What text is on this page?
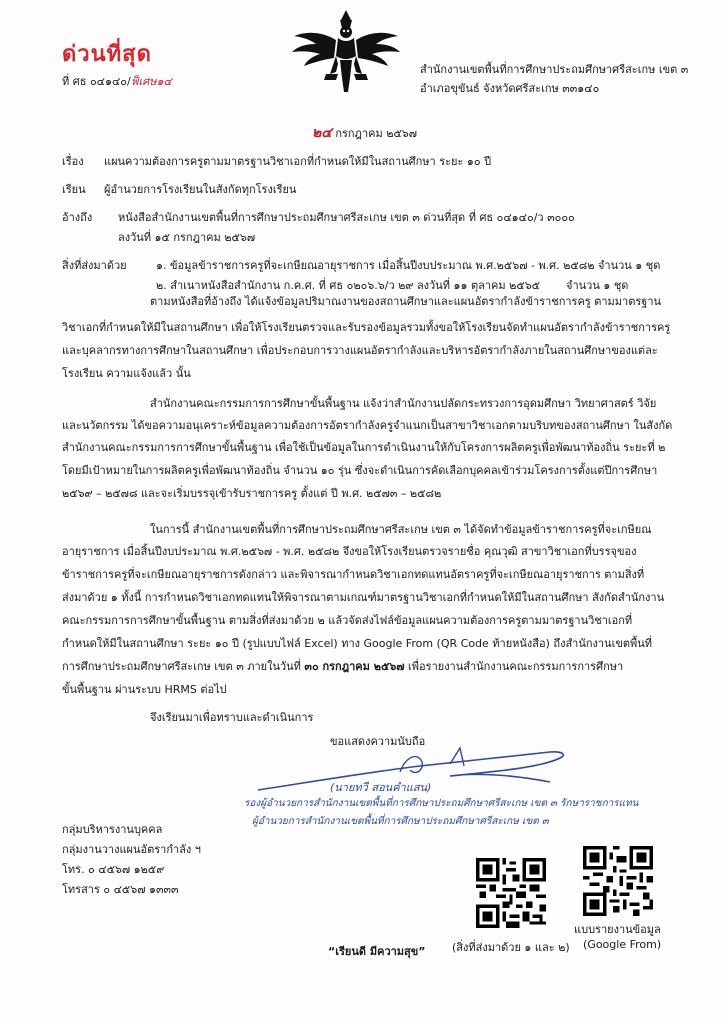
ด่วนที่สุด
ที่ ศธ ๐๔๑๔๐/ฟ็เศษ๑๔
สำนักงานเขตพื้นที่การศึกษาประถมศึกษาศรีสะเกษ เขต ๓
อำเภอขุขันธ์ จังหวัดศรีสะเกษ ๓๓๑๔๐
๒๔ กรกฎาคม ๒๕๖๗
เรื่อง แผนความต้องการครูตามมาตรฐานวิชาเอกที่กำหนดให้มีในสถานศึกษา ระยะ ๑๐ ปี
เรียน ผู้อำนวยการโรงเรียนในสังกัดทุกโรงเรียน
อ้างถึง หนังสือสำนักงานเขตพื้นที่การศึกษาประถมศึกษาศรีสะเกษ เขต ๓ ด่วนที่สุด ที่ ศธ ๐๔๑๔๐/ว ๓๐๐๐
ลงวันที่ ๑๕ กรกฎาคม ๒๕๖๗
สิ่งที่ส่งมาด้วย	๑. ข้อมูลข้าราชการครูที่จะเกษียณอายุราชการ เมื่อสิ้นปีงบประมาณ พ.ศ.๒๕๖๗ - พ.ศ. ๒๕๘๒ จำนวน ๑ ชุด
๒. สำเนาหนังสือสำนักงาน ก.ค.ศ. ที่ ศธ ๐๒๐๖.๖/ว ๒๙ ลงวันที่ ๑๑ ตุลาคม ๒๕๖๕ จำนวน ๑ ชุด
ตามหนังสือที่อ้างถึง ได้แจ้งข้อมูลปริมาณงานของสถานศึกษาและแผนอัตรากำลังข้าราชการครู ตามมาตรฐาน
วิชาเอกที่กำหนดให้มีในสถานศึกษา เพื่อให้โรงเรียนตรวจและรับรองข้อมูลรวมทั้งขอให้โรงเรียนจัดทำแผนอัตรากำลังข้าราชการครู
และบุคลากรทางการศึกษาในสถานศึกษา เพื่อประกอบการวางแผนอัตรากำลังและบริหารอัตรากำลังภายในสถานศึกษาของแต่ละ
โรงเรียน ความแจ้งแล้ว นั้น
สำนักงานคณะกรรมการการศึกษาขั้นพื้นฐาน แจ้งว่าสำนักงานปลัดกระทรวงการอุดมศึกษา วิทยาศาสตร์ วิจัย
และนวัตกรรม ได้ขอความอนุเคราะห์ข้อมูลความต้องการอัตรากำลังครูจำแนกเป็นสาขาวิชาเอกตามบริบทของสถานศึกษา ในสังกัด
สำนักงานคณะกรรมการการศึกษาขั้นพื้นฐาน เพื่อใช้เป็นข้อมูลในการดำเนินงานให้กับโครงการผลิตครูเพื่อพัฒนาท้องถิ่น ระยะที่ ๒
โดยมีเป้าหมายในการผลิตครูเพื่อพัฒนาท้องถิ่น จำนวน ๑๐ รุ่น ซึ่งจะดำเนินการคัดเลือกบุคคลเข้าร่วมโครงการตั้งแต่ปีการศึกษา
๒๕๖๙ – ๒๕๗๘ และจะเริ่มบรรจุเข้ารับราชการครู ตั้งแต่ ปี พ.ศ. ๒๕๗๓ – ๒๕๘๒
ในการนี้ สำนักงานเขตพื้นที่การศึกษาประถมศึกษาศรีสะเกษ เขต ๓ ได้จัดทำข้อมูลข้าราชการครูที่จะเกษียณ
อายุราชการ เมื่อสิ้นปีงบประมาณ พ.ศ.๒๕๖๗ - พ.ศ. ๒๕๘๒ จึงขอให้โรงเรียนตรวจรายชื่อ คุณวุฒิ สาขาวิชาเอกที่บรรจุของ
ข้าราชการครูที่จะเกษียณอายุราชการดังกล่าว และพิจารณากำหนดวิชาเอกทดแทนอัตราครูที่จะเกษียณอายุราชการ ตามสิ่งที่
ส่งมาด้วย ๑ ทั้งนี้ การกำหนดวิชาเอกทดแทนให้พิจารณาตามเกณฑ์มาตรฐานวิชาเอกที่กำหนดให้มีในสถานศึกษา สังกัดสำนักงาน
คณะกรรมการการศึกษาขั้นพื้นฐาน ตามสิ่งที่ส่งมาด้วย ๒ แล้วจัดส่งไฟล์ข้อมูลแผนความต้องการครูตามมาตรฐานวิชาเอกที่
กำหนดให้มีในสถานศึกษา ระยะ ๑๐ ปี (รูปแบบไฟล์ Excel) ทาง Google From (QR Code ท้ายหนังสือ) ถึงสำนักงานเขตพื้นที่
การศึกษาประถมศึกษาศรีสะเกษ เขต ๓ ภายในวันที่ ๓๐ กรกฎาคม ๒๕๖๗ เพื่อรายงานสำนักงานคณะกรรมการการศึกษา
ขั้นพื้นฐาน ผ่านระบบ HRMS ต่อไป
จึงเรียนมาเพื่อทราบและดำเนินการ
ขอแสดงความนับถือ
(นายทวี สอนคำแสน)
รองผู้อำนวยการสำนักงานเขตพื้นที่การศึกษาประถมศึกษาศรีสะเกษ เขต ๓ รักษาราชการแทน
ผู้อำนวยการสำนักงานเขตพื้นที่การศึกษาประถมศึกษาศรีสะเกษ เขต ๓
กลุ่มบริหารงานบุคคล
กลุ่มงานวางแผนอัตรากำลัง ฯ
โทร. ๐ ๔๕๖๗ ๑๒๕๙
โทรสาร ๐ ๔๕๖๗ ๑๓๓๓
แบบรายงานข้อมูล
(Google From)
(สิ่งที่ส่งมาด้วย ๑ และ ๒)
“เรียนดี มีความสุข”
